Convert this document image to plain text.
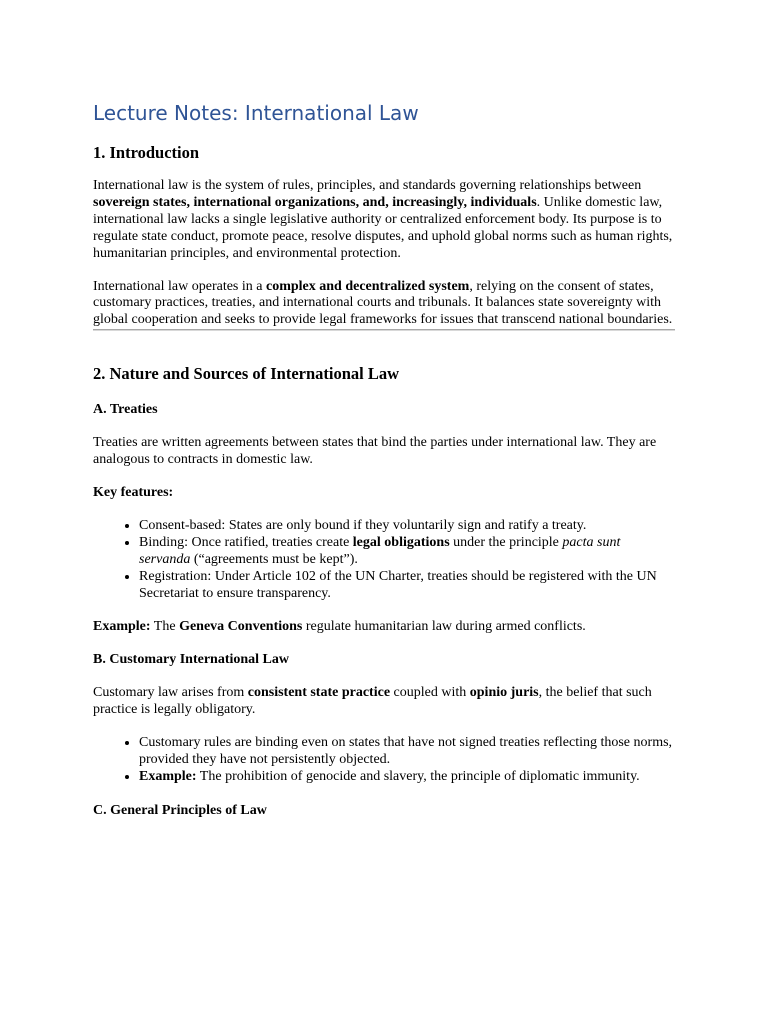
Lecture Notes: International Law
1. Introduction

International law is the system of rules, principles, and standards governing relationships between sovereign states, international organizations, and, increasingly, individuals. Unlike domestic law, international law lacks a single legislative authority or centralized enforcement body. Its purpose is to regulate state conduct, promote peace, resolve disputes, and uphold global norms such as human rights, humanitarian principles, and environmental protection.

International law operates in a complex and decentralized system, relying on the consent of states, customary practices, treaties, and international courts and tribunals. It balances state sovereignty with global cooperation and seeks to provide legal frameworks for issues that transcend national boundaries.

2. Nature and Sources of International Law
A. Treaties

Treaties are written agreements between states that bind the parties under international law. They are analogous to contracts in domestic law.

Key features:

• Consent-based: States are only bound if they voluntarily sign and ratify a treaty.
• Binding: Once ratified, treaties create legal obligations under the principle pacta sunt servanda (“agreements must be kept”).
• Registration: Under Article 102 of the UN Charter, treaties should be registered with the UN Secretariat to ensure transparency.

Example: The Geneva Conventions regulate humanitarian law during armed conflicts.

B. Customary International Law

Customary law arises from consistent state practice coupled with opinio juris, the belief that such practice is legally obligatory.

• Customary rules are binding even on states that have not signed treaties reflecting those norms, provided they have not persistently objected.
• Example: The prohibition of genocide and slavery, the principle of diplomatic immunity.
C. General Principles of Law
